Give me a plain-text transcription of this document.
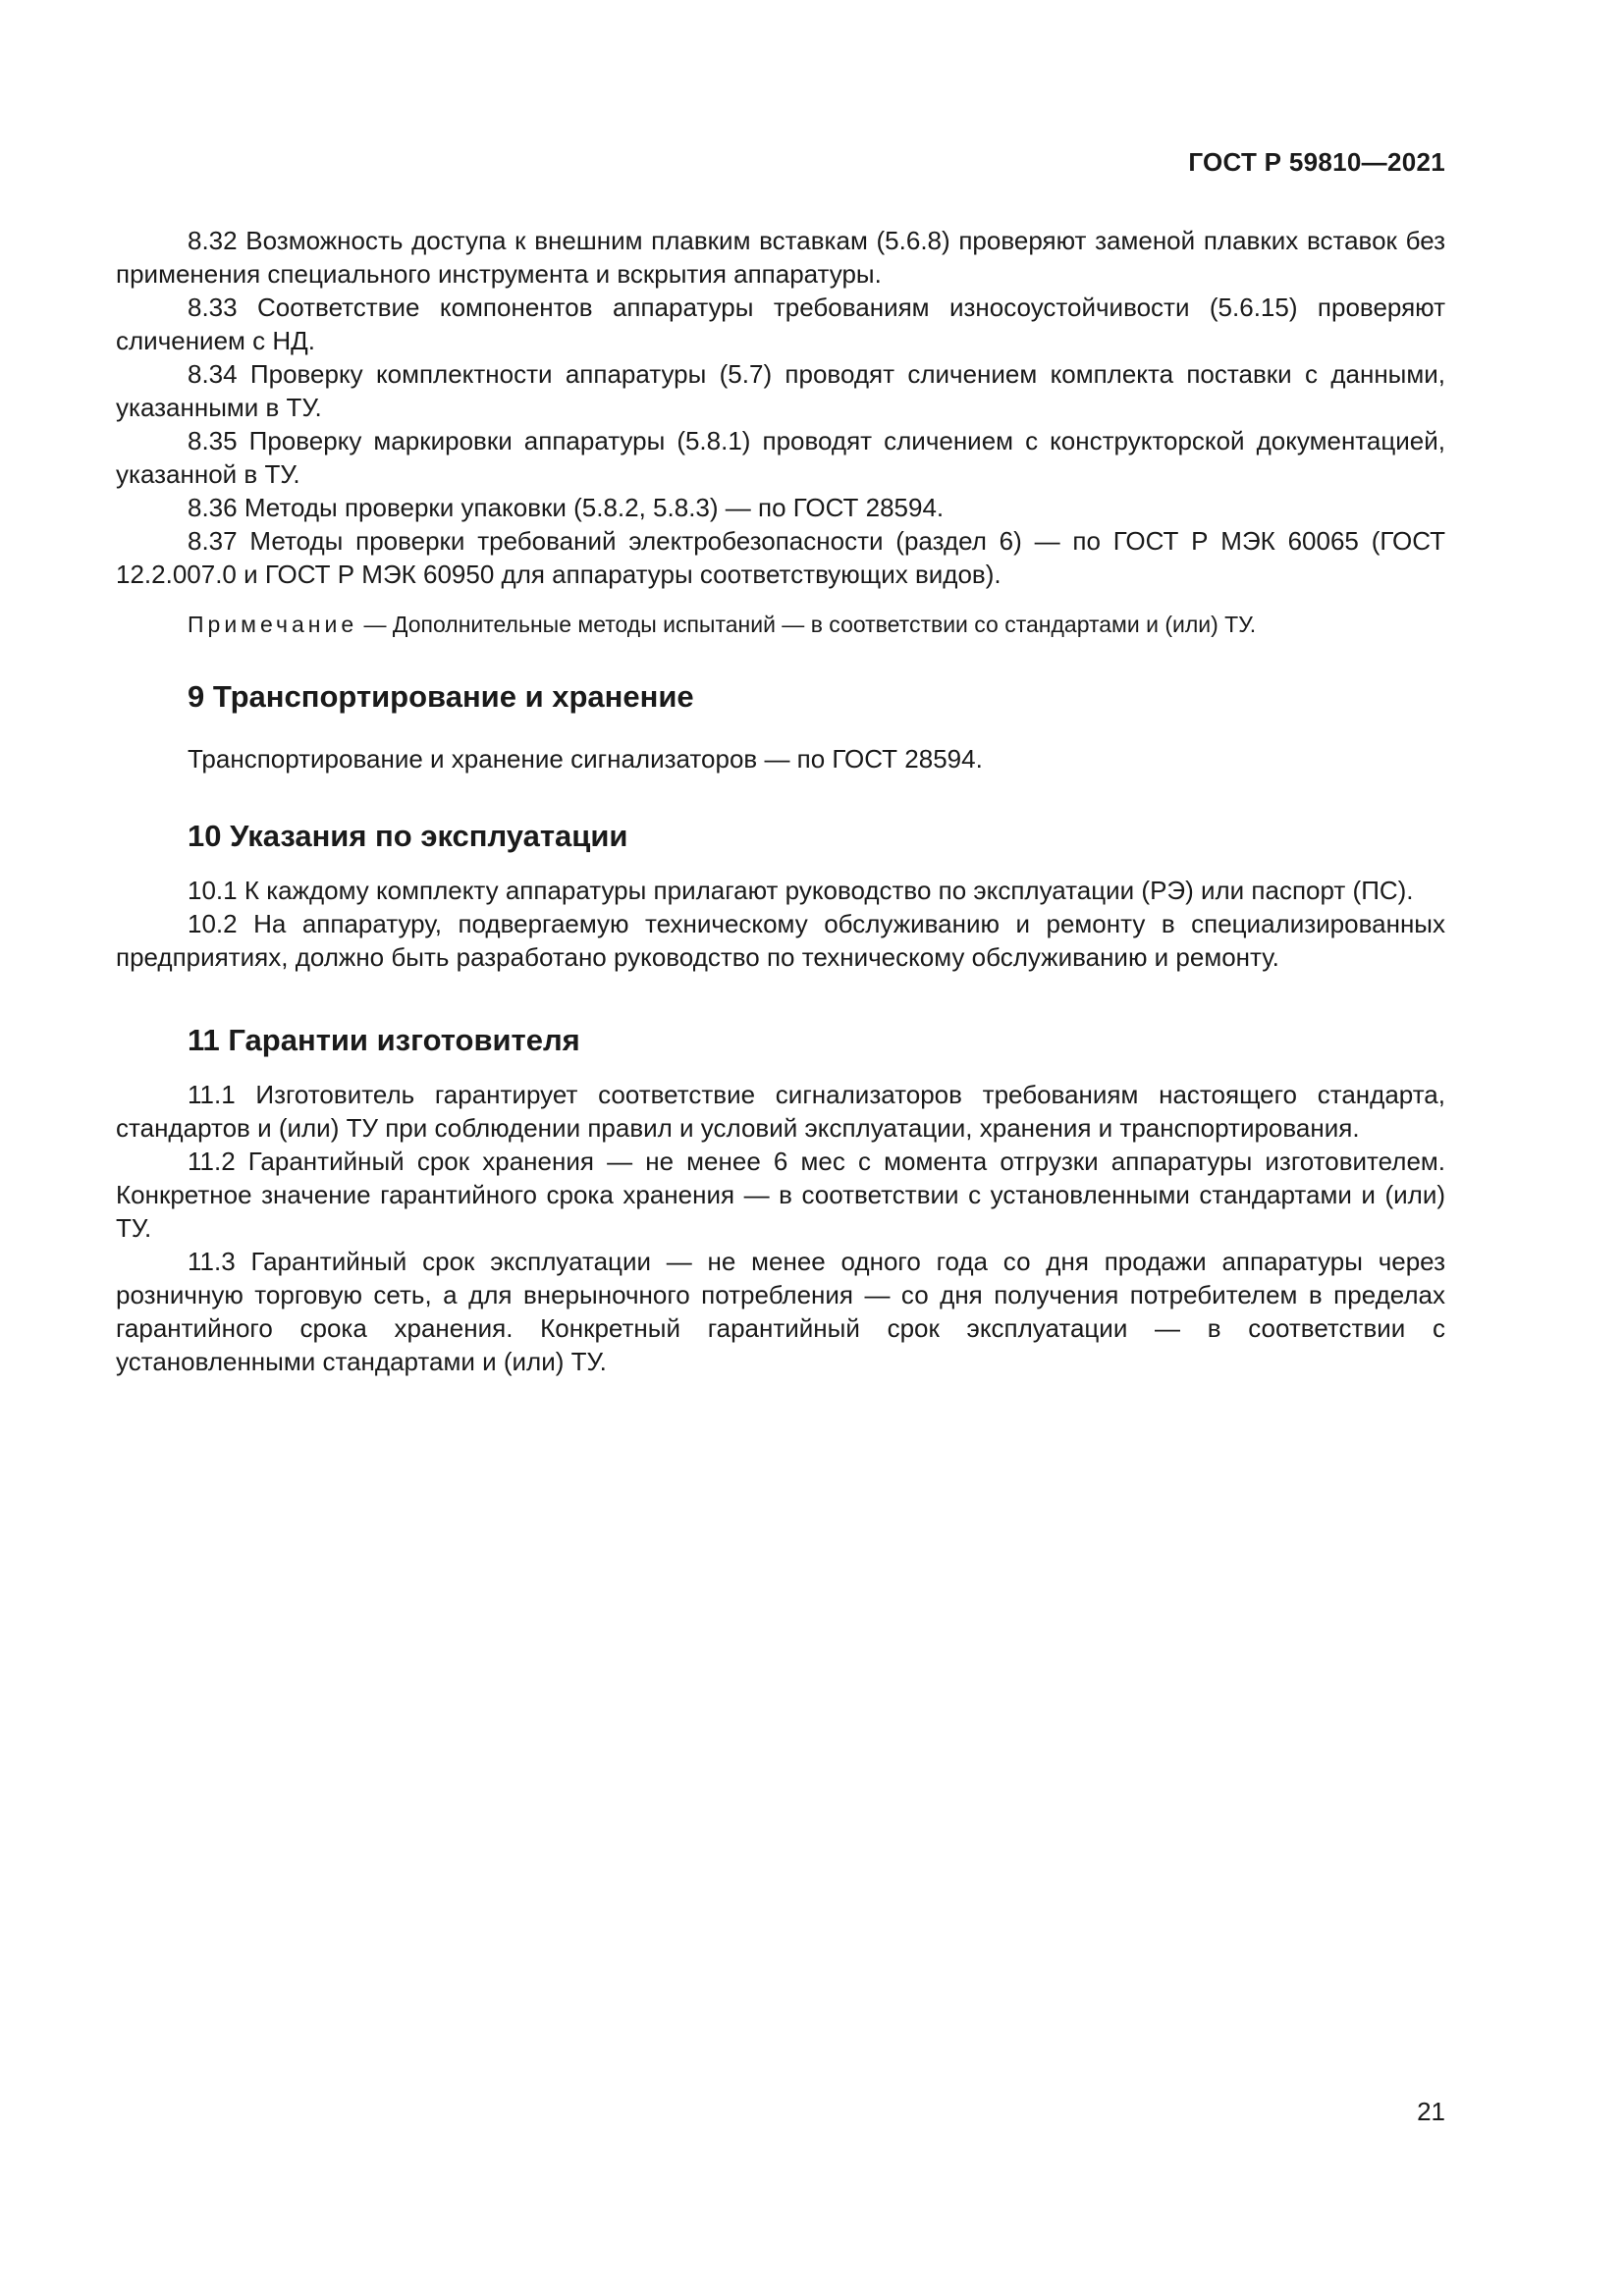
ГОСТ Р 59810—2021

8.32 Возможность доступа к внешним плавким вставкам (5.6.8) проверяют заменой плавких вставок без применения специального инструмента и вскрытия аппаратуры.

8.33 Соответствие компонентов аппаратуры требованиям износоустойчивости (5.6.15) проверяют сличением с НД.

8.34 Проверку комплектности аппаратуры (5.7) проводят сличением комплекта поставки с данными, указанными в ТУ.

8.35 Проверку маркировки аппаратуры (5.8.1) проводят сличением с конструкторской документацией, указанной в ТУ.

8.36 Методы проверки упаковки (5.8.2, 5.8.3) — по ГОСТ 28594.

8.37 Методы проверки требований электробезопасности (раздел 6) — по ГОСТ Р МЭК 60065 (ГОСТ 12.2.007.0 и ГОСТ Р МЭК 60950 для аппаратуры соответствующих видов).

Примечание — Дополнительные методы испытаний — в соответствии со стандартами и (или) ТУ.

9 Транспортирование и хранение

Транспортирование и хранение сигнализаторов — по ГОСТ 28594.

10 Указания по эксплуатации

10.1 К каждому комплекту аппаратуры прилагают руководство по эксплуатации (РЭ) или паспорт (ПС).

10.2 На аппаратуру, подвергаемую техническому обслуживанию и ремонту в специализированных предприятиях, должно быть разработано руководство по техническому обслуживанию и ремонту.

11 Гарантии изготовителя

11.1 Изготовитель гарантирует соответствие сигнализаторов требованиям настоящего стандарта, стандартов и (или) ТУ при соблюдении правил и условий эксплуатации, хранения и транспортирования.

11.2 Гарантийный срок хранения — не менее 6 мес с момента отгрузки аппаратуры изготовителем. Конкретное значение гарантийного срока хранения — в соответствии с установленными стандартами и (или) ТУ.

11.3 Гарантийный срок эксплуатации — не менее одного года со дня продажи аппаратуры через розничную торговую сеть, а для внерыночного потребления — со дня получения потребителем в пределах гарантийного срока хранения. Конкретный гарантийный срок эксплуатации — в соответствии с установленными стандартами и (или) ТУ.

21
